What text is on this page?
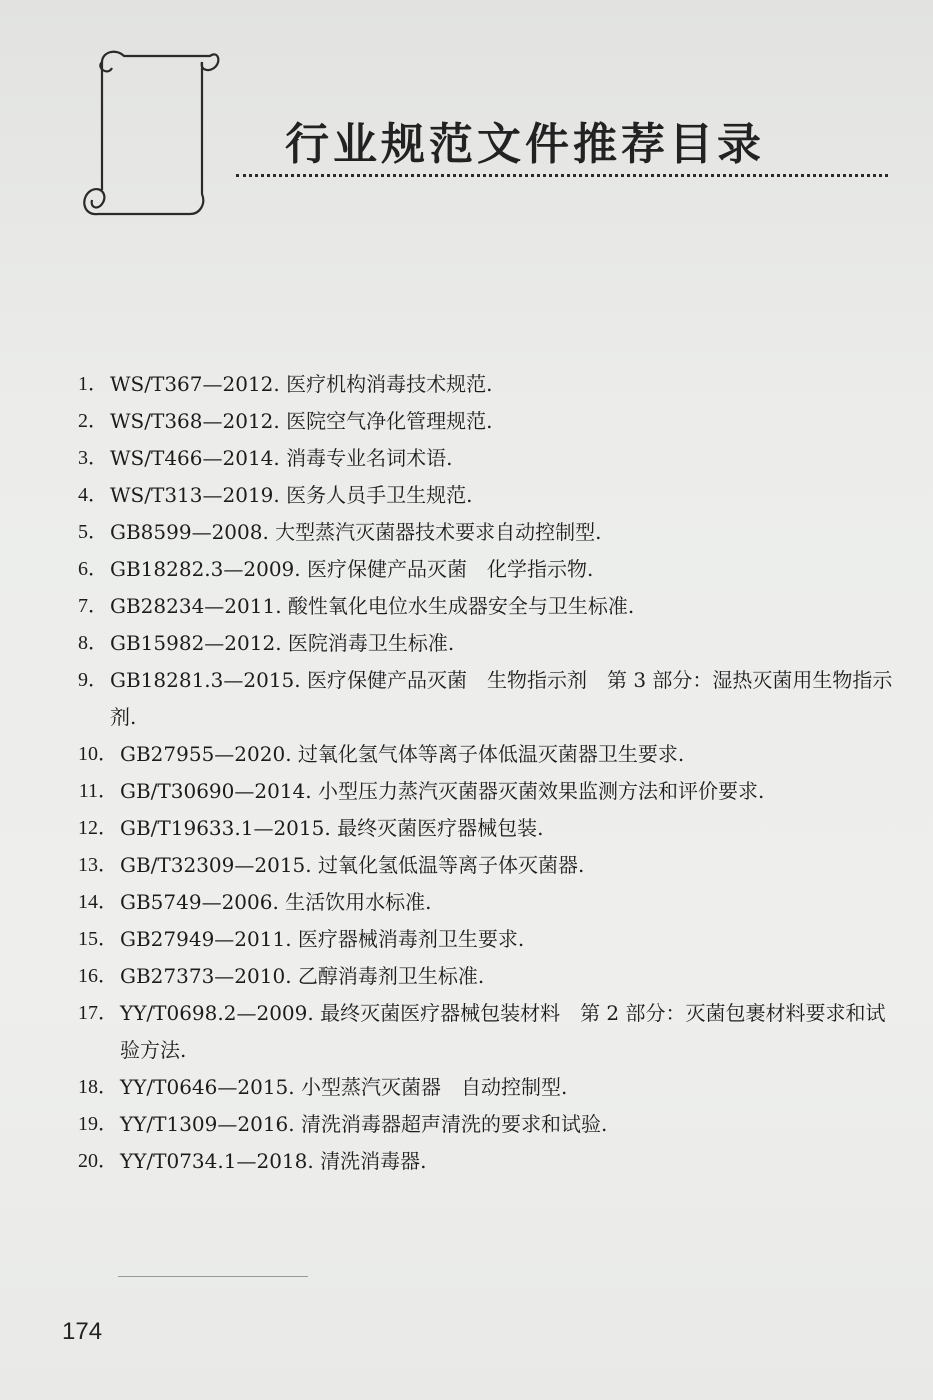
行业规范文件推荐目录
1． WS/T367—2012. 医疗机构消毒技术规范.
2． WS/T368—2012. 医院空气净化管理规范.
3． WS/T466—2014. 消毒专业名词术语.
4． WS/T313—2019. 医务人员手卫生规范.
5． GB8599—2008. 大型蒸汽灭菌器技术要求自动控制型.
6． GB18282.3—2009. 医疗保健产品灭菌　化学指示物.
7． GB28234—2011. 酸性氧化电位水生成器安全与卫生标准.
8． GB15982—2012. 医院消毒卫生标准.
9． GB18281.3—2015. 医疗保健产品灭菌　生物指示剂　第 3 部分：湿热灭菌用生物指示剂.
10． GB27955—2020. 过氧化氢气体等离子体低温灭菌器卫生要求.
11． GB/T30690—2014. 小型压力蒸汽灭菌器灭菌效果监测方法和评价要求.
12． GB/T19633.1—2015. 最终灭菌医疗器械包装.
13． GB/T32309—2015. 过氧化氢低温等离子体灭菌器.
14． GB5749—2006. 生活饮用水标准.
15． GB27949—2011. 医疗器械消毒剂卫生要求.
16． GB27373—2010. 乙醇消毒剂卫生标准.
17． YY/T0698.2—2009. 最终灭菌医疗器械包装材料　第 2 部分：灭菌包裹材料要求和试验方法.
18． YY/T0646—2015. 小型蒸汽灭菌器　自动控制型.
19． YY/T1309—2016. 清洗消毒器超声清洗的要求和试验.
20． YY/T0734.1—2018. 清洗消毒器.
174
